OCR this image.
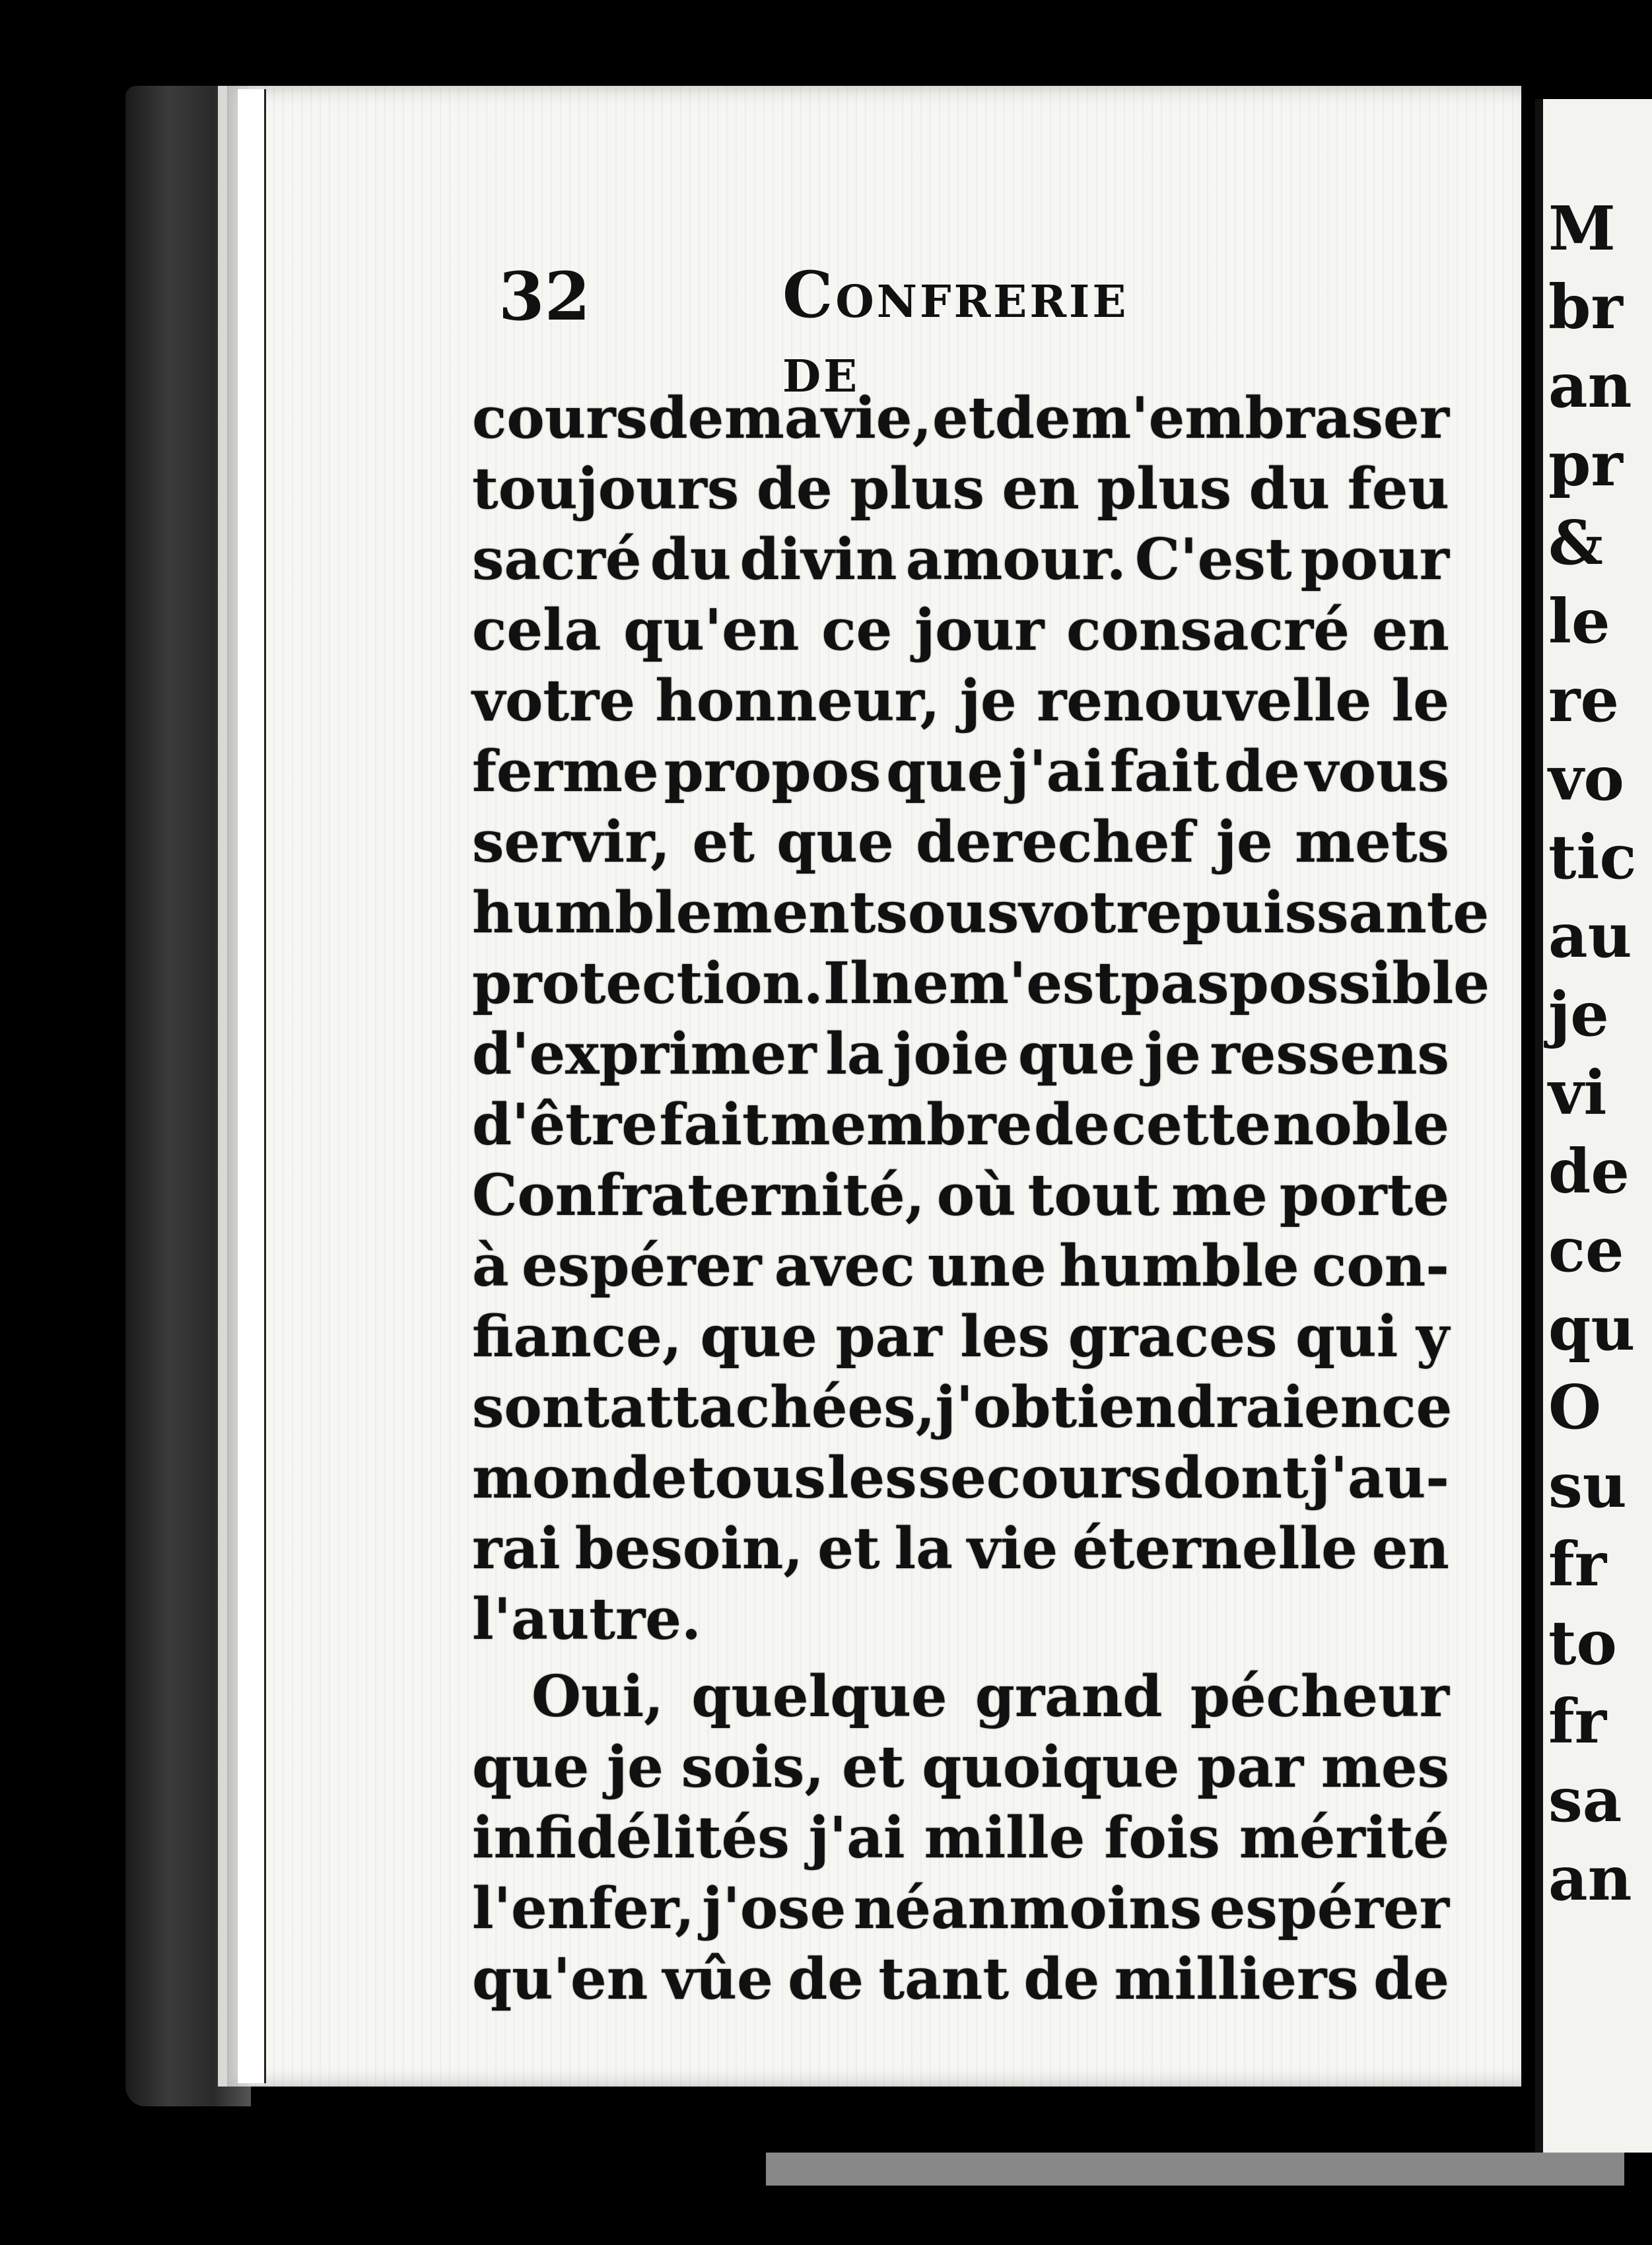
32	Confrerie de
cours de ma vie, et de m'embraser
toujours de plus en plus du feu
sacré du divin amour. C'est pour
cela qu'en ce jour consacré en
votre honneur, je renouvelle le
ferme propos que j'ai fait de vous
servir, et que derechef je mets
humblement sous votre puissante
protection. Il ne m'est pas possible
d'exprimer la joie que je ressens
d'être fait membre de cette noble
Confraternité, où tout me porte
à espérer avec une humble con-
fiance, que par les graces qui y
sont attachées, j'obtiendrai en ce
monde tous les secours dont j'au-
rai besoin, et la vie éternelle en
l'autre.
Oui, quelque grand pécheur
que je sois, et quoique par mes
infidélités j'ai mille fois mérité
l'enfer, j'ose néanmoins espérer
qu'en vûe de tant de milliers de
M
br
an
pr
&
le
re
vo
tic
au
je
vi
de
ce
qu
O
su
fr
to
fr
sa
an
